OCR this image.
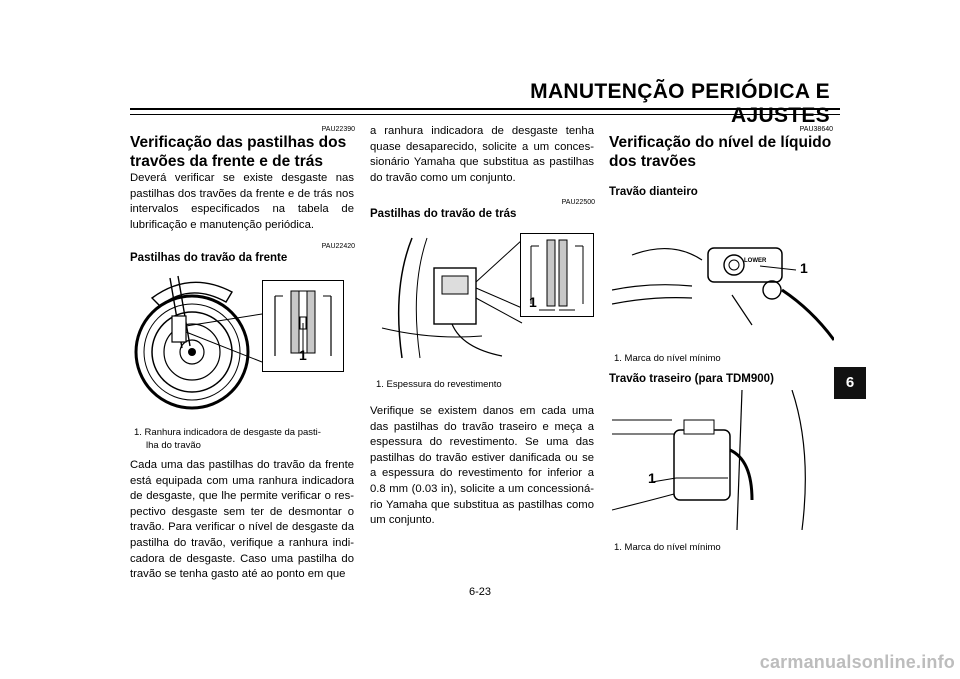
MANUTENÇÃO PERIÓDICA E AJUSTES
PAU22390
Verificação das pastilhas dos travões da frente e de trás
Deverá verificar se existe desgaste nas pastilhas dos travões da frente e de trás nos intervalos especificados na tabela de lubrificação e manutenção periódica.
PAU22420
Pastilhas do travão da frente
1
1. Ranhura indicadora de desgaste da pasti-
lha do travão
Cada uma das pastilhas do travão da frente está equipada com uma ranhura indicadora de desgaste, que lhe permite verificar o res-pectivo desgaste sem ter de desmontar o travão. Para verificar o nível de desgaste da pastilha do travão, verifique a ranhura indi-cadora de desgaste. Caso uma pastilha do travão se tenha gasto até ao ponto em que
a ranhura indicadora de desgaste tenha quase desaparecido, solicite a um conces-sionário Yamaha que substitua as pastilhas do travão como um conjunto.
PAU22500
Pastilhas do travão de trás
1
1. Espessura do revestimento
Verifique se existem danos em cada uma das pastilhas do travão traseiro e meça a espessura do revestimento. Se uma das pastilhas do travão estiver danificada ou se a espessura do revestimento for inferior a 0.8 mm (0.03 in), solicite a um concessioná-rio Yamaha que substitua as pastilhas como um conjunto.
PAU38640
Verificação do nível de líquido dos travões
Travão dianteiro
LOWER 1
1. Marca do nível mínimo
Travão traseiro (para TDM900)
1
1. Marca do nível mínimo
6
6-23
carmanualsonline.info
